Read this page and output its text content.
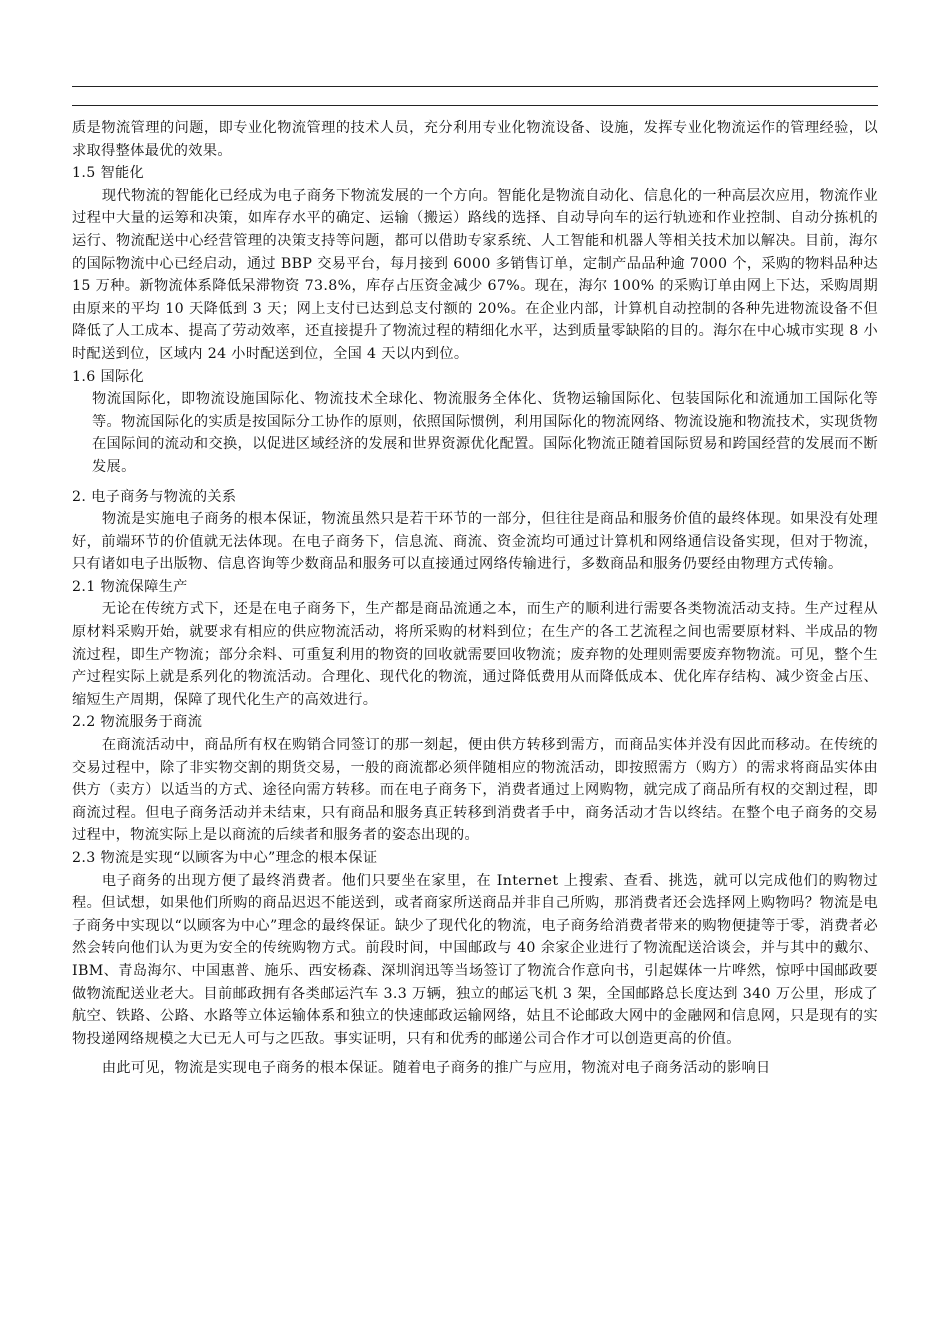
质是物流管理的问题，即专业化物流管理的技术人员，充分利用专业化物流设备、设施，发挥专业化物流运作的管理经验，以求取得整体最优的效果。

1.5 智能化

现代物流的智能化已经成为电子商务下物流发展的一个方向。智能化是物流自动化、信息化的一种高层次应用，物流作业过程中大量的运筹和决策，如库存水平的确定、运输（搬运）路线的选择、自动导向车的运行轨迹和作业控制、自动分拣机的运行、物流配送中心经营管理的决策支持等问题，都可以借助专家系统、人工智能和机器人等相关技术加以解决。目前，海尔的国际物流中心已经启动，通过 BBP 交易平台，每月接到 6000 多销售订单，定制产品品种逾 7000 个，采购的物料品种达 15 万种。新物流体系降低呆滞物资 73.8%，库存占压资金减少 67%。现在，海尔 100% 的采购订单由网上下达，采购周期由原来的平均 10 天降低到 3 天；网上支付已达到总支付额的 20%。在企业内部，计算机自动控制的各种先进物流设备不但降低了人工成本、提高了劳动效率，还直接提升了物流过程的精细化水平，达到质量零缺陷的目的。海尔在中心城市实现 8 小时配送到位，区域内 24 小时配送到位，全国 4 天以内到位。

1.6 国际化

物流国际化，即物流设施国际化、物流技术全球化、物流服务全体化、货物运输国际化、包装国际化和流通加工国际化等等。物流国际化的实质是按国际分工协作的原则，依照国际惯例，利用国际化的物流网络、物流设施和物流技术，实现货物在国际间的流动和交换，以促进区域经济的发展和世界资源优化配置。国际化物流正随着国际贸易和跨国经营的发展而不断发展。

2. 电子商务与物流的关系

物流是实施电子商务的根本保证，物流虽然只是若干环节的一部分，但往往是商品和服务价值的最终体现。如果没有处理好，前端环节的价值就无法体现。在电子商务下，信息流、商流、资金流均可通过计算机和网络通信设备实现，但对于物流，只有诸如电子出版物、信息咨询等少数商品和服务可以直接通过网络传输进行，多数商品和服务仍要经由物理方式传输。

2.1 物流保障生产

无论在传统方式下，还是在电子商务下，生产都是商品流通之本，而生产的顺利进行需要各类物流活动支持。生产过程从原材料采购开始，就要求有相应的供应物流活动，将所采购的材料到位；在生产的各工艺流程之间也需要原材料、半成品的物流过程，即生产物流；部分余料、可重复利用的物资的回收就需要回收物流；废弃物的处理则需要废弃物物流。可见，整个生产过程实际上就是系列化的物流活动。合理化、现代化的物流，通过降低费用从而降低成本、优化库存结构、减少资金占压、缩短生产周期，保障了现代化生产的高效进行。

2.2 物流服务于商流

在商流活动中，商品所有权在购销合同签订的那一刻起，便由供方转移到需方，而商品实体并没有因此而移动。在传统的交易过程中，除了非实物交割的期货交易，一般的商流都必须伴随相应的物流活动，即按照需方（购方）的需求将商品实体由供方（卖方）以适当的方式、途径向需方转移。而在电子商务下，消费者通过上网购物，就完成了商品所有权的交割过程，即商流过程。但电子商务活动并未结束，只有商品和服务真正转移到消费者手中，商务活动才告以终结。在整个电子商务的交易过程中，物流实际上是以商流的后续者和服务者的姿态出现的。

2.3 物流是实现“以顾客为中心”理念的根本保证

电子商务的出现方便了最终消费者。他们只要坐在家里，在 Internet 上搜索、查看、挑选，就可以完成他们的购物过程。但试想，如果他们所购的商品迟迟不能送到，或者商家所送商品并非自己所购，那消费者还会选择网上购物吗？物流是电子商务中实现以“以顾客为中心”理念的最终保证。缺少了现代化的物流，电子商务给消费者带来的购物便捷等于零，消费者必然会转向他们认为更为安全的传统购物方式。前段时间，中国邮政与 40 余家企业进行了物流配送洽谈会，并与其中的戴尔、IBM、青岛海尔、中国惠普、施乐、西安杨森、深圳润迅等当场签订了物流合作意向书，引起媒体一片哗然，惊呼中国邮政要做物流配送业老大。目前邮政拥有各类邮运汽车 3.3 万辆，独立的邮运飞机 3 架，全国邮路总长度达到 340 万公里，形成了航空、铁路、公路、水路等立体运输体系和独立的快速邮政运输网络，姑且不论邮政大网中的金融网和信息网，只是现有的实物投递网络规模之大已无人可与之匹敌。事实证明，只有和优秀的邮递公司合作才可以创造更高的价值。

由此可见，物流是实现电子商务的根本保证。随着电子商务的推广与应用，物流对电子商务活动的影响日
